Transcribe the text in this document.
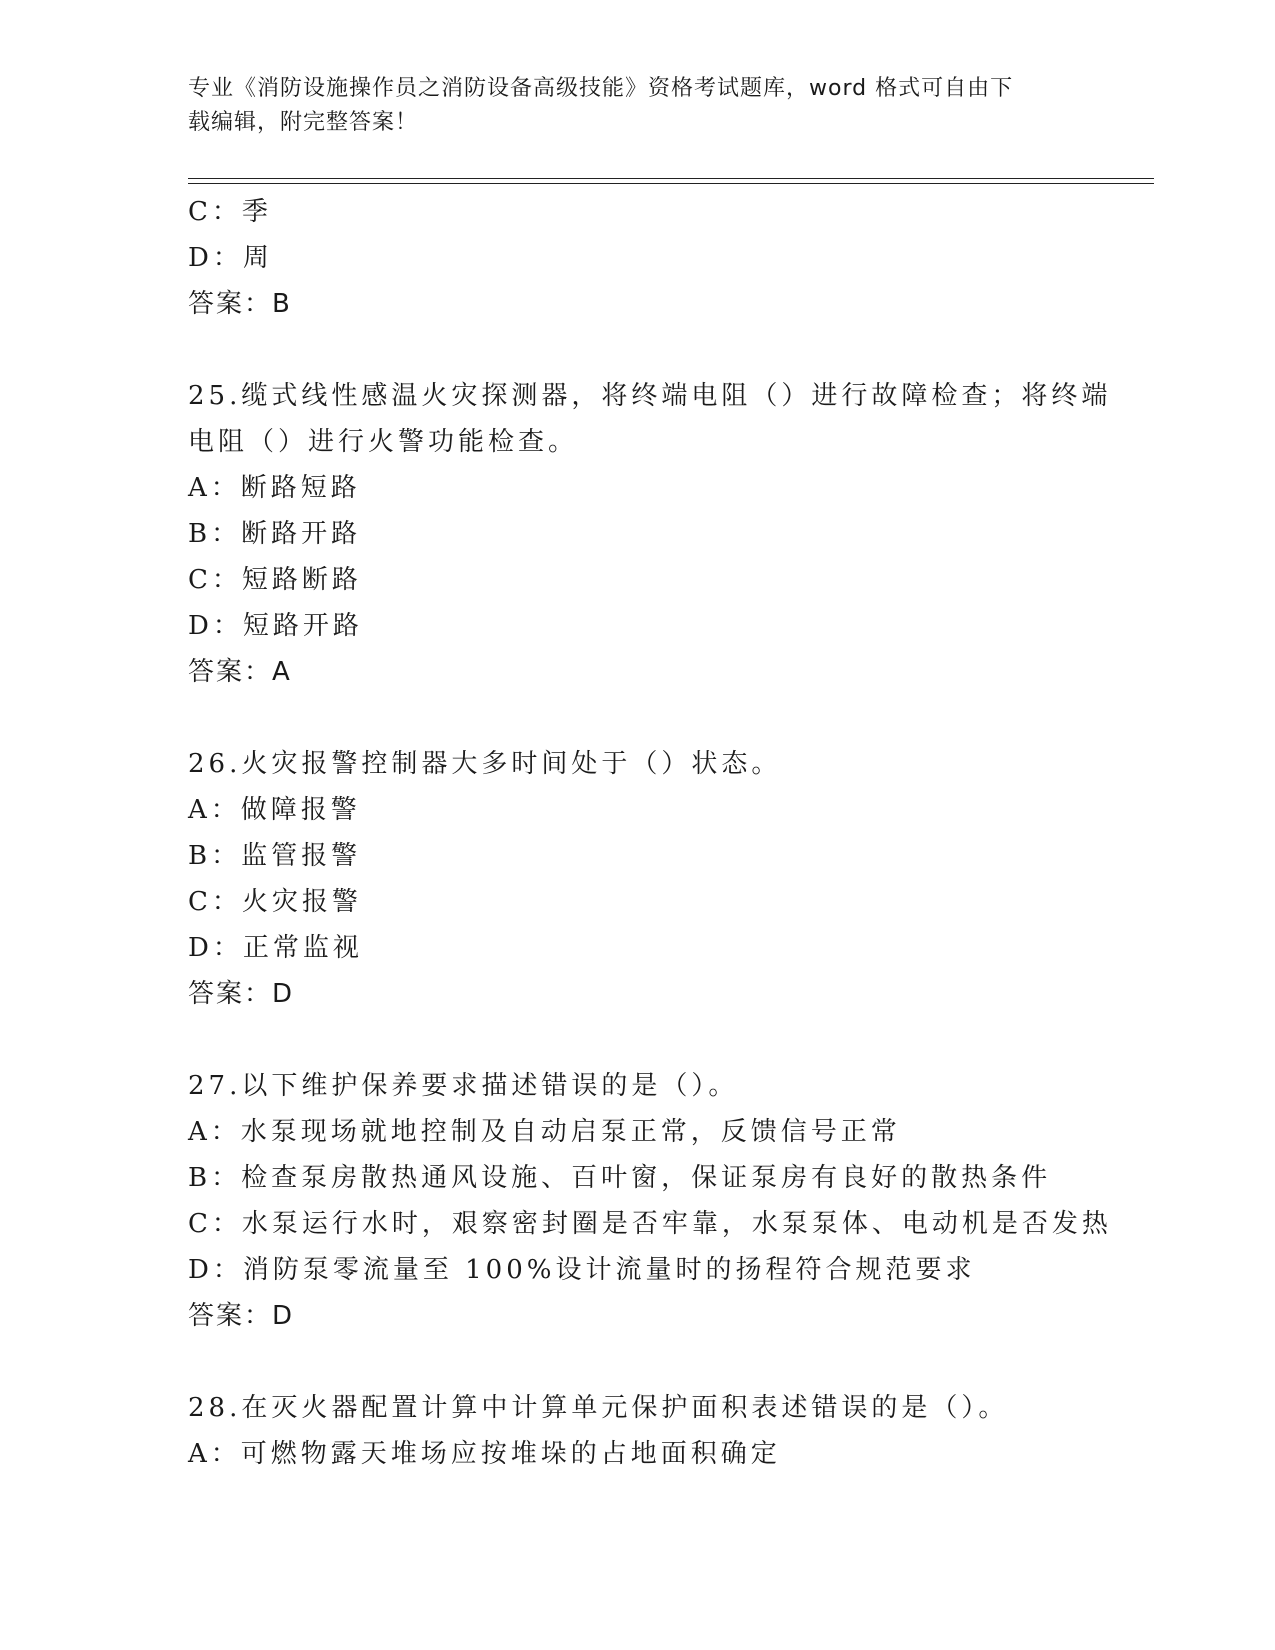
专业《消防设施操作员之消防设备高级技能》资格考试题库，word 格式可自由下
载编辑，附完整答案！
C：季
D：周
答案：B
25.缆式线性感温火灾探测器，将终端电阻（）进行故障检查；将终端
电阻（）进行火警功能检查。
A：断路短路
B：断路开路
C：短路断路
D：短路开路
答案：A
26.火灾报警控制器大多时间处于（）状态。
A：做障报警
B：监管报警
C：火灾报警
D：正常监视
答案：D
27.以下维护保养要求描述错误的是（）。
A：水泵现场就地控制及自动启泵正常，反馈信号正常
B：检查泵房散热通风设施、百叶窗，保证泵房有良好的散热条件
C：水泵运行水时，艰察密封圈是否牢靠，水泵泵体、电动机是否发热
D：消防泵零流量至 100%设计流量时的扬程符合规范要求
答案：D
28.在灭火器配置计算中计算单元保护面积表述错误的是（）。
A：可燃物露天堆场应按堆垛的占地面积确定
